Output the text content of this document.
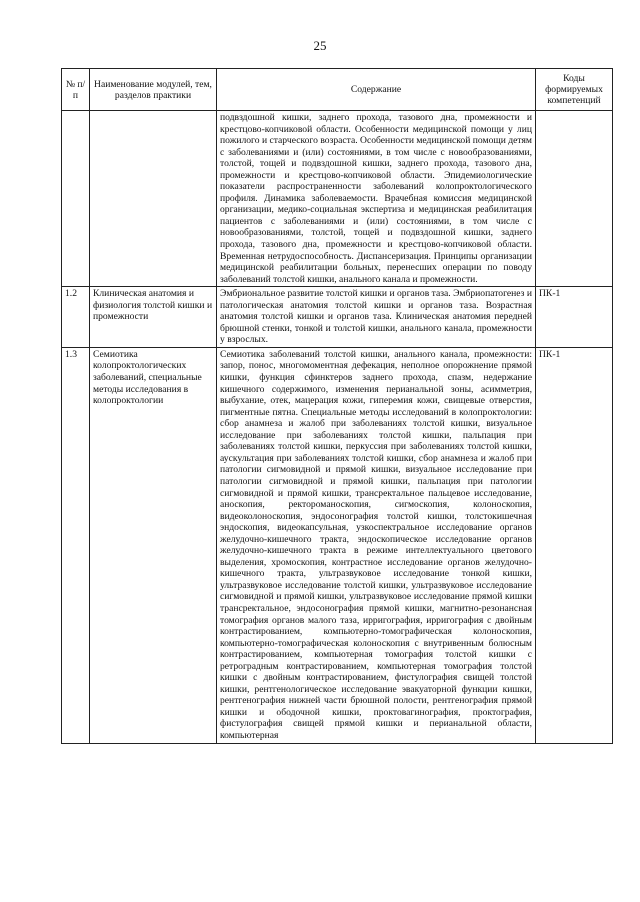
25
№ п/п	Наименование модулей, тем, разделов практики	Содержание	Коды формируемых компетенций
		подвздошной кишки, заднего прохода, тазового дна, промежности и крестцово-копчиковой области. Особенности медицинской помощи у лиц пожилого и старческого возраста. Особенности медицинской помощи детям с заболеваниями и (или) состояниями, в том числе с новообразованиями, толстой, тощей и подвздошной кишки, заднего прохода, тазового дна, промежности и крестцово-копчиковой области. Эпидемиологические показатели распространенности заболеваний колопроктологического профиля. Динамика заболеваемости. Врачебная комиссия медицинской организации, медико-социальная экспертиза и медицинская реабилитация пациентов с заболеваниями и (или) состояниями, в том числе с новообразованиями, толстой, тощей и подвздошной кишки, заднего прохода, тазового дна, промежности и крестцово-копчиковой области. Временная нетрудоспособность. Диспансеризация. Принципы организации медицинской реабилитации больных, перенесших операции по поводу заболеваний толстой кишки, анального канала и промежности.	
1.2	Клиническая анатомия и физиология толстой кишки и промежности	Эмбриональное развитие толстой кишки и органов таза. Эмбриопатогенез и патологическая анатомия толстой кишки и органов таза. Возрастная анатомия толстой кишки и органов таза. Клиническая анатомия передней брюшной стенки, тонкой и толстой кишки, анального канала, промежности у взрослых.	ПК-1
1.3	Семиотика колопроктологических заболеваний, специальные методы исследования в колопроктологии	Семиотика заболеваний толстой кишки, анального канала, промежности: запор, понос, многомоментная дефекация, неполное опорожнение прямой кишки, функция сфинктеров заднего прохода, спазм, недержание кишечного содержимого, изменения перианальной зоны, асимметрия, выбухание, отек, мацерация кожи, гиперемия кожи, свищевые отверстия, пигментные пятна. Специальные методы исследований в колопроктологии: сбор анамнеза и жалоб при заболеваниях толстой кишки, визуальное исследование при заболеваниях толстой кишки, пальпация при заболеваниях толстой кишки, перкуссия при заболеваниях толстой кишки, аускультация при заболеваниях толстой кишки, сбор анамнеза и жалоб при патологии сигмовидной и прямой кишки, визуальное исследование при патологии сигмовидной и прямой кишки, пальпация при патологии сигмовидной и прямой кишки, трансректальное пальцевое исследование, аноскопия, ректороманоскопия, сигмоскопия, колоноскопия, видеоколоноскопия, эндосонография толстой кишки, толстокишечная эндоскопия, видеокапсульная, узкоспектральное исследование органов желудочно-кишечного тракта, эндоскопическое исследование органов желудочно-кишечного тракта в режиме интеллектуального цветового выделения, хромоскопия, контрастное исследование органов желудочно-кишечного тракта, ультразвуковое исследование тонкой кишки, ультразвуковое исследование толстой кишки, ультразвуковое исследование сигмовидной и прямой кишки, ультразвуковое исследование прямой кишки трансректальное, эндосонография прямой кишки, магнитно-резонансная томография органов малого таза, ирригография, ирригография с двойным контрастированием, компьютерно-томографическая колоноскопия, компьютерно-томографическая колоноскопия с внутривенным болюсным контрастированием, компьютерная томография толстой кишки с ретроградным контрастированием, компьютерная томография толстой кишки с двойным контрастированием, фистулография свищей толстой кишки, рентгенологическое исследование эвакуаторной функции кишки, рентгенография нижней части брюшной полости, рентгенография прямой кишки и ободочной кишки, проктовагинография, проктография, фистулография свищей прямой кишки и перианальной области, компьютерная	ПК-1
